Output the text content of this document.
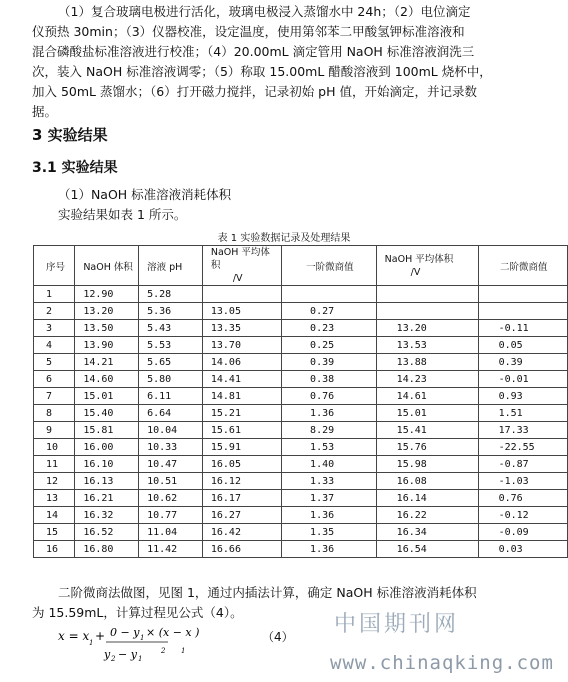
（1）复合玻璃电极进行活化，玻璃电极浸入蒸馏水中 24h；（2）电位滴定
仪预热 30min；（3）仪器校准，设定温度，使用第邻苯二甲酸氢钾标准溶液和
混合磷酸盐标准溶液进行校准；（4）20.00mL 滴定管用 NaOH 标准溶液润洗三
次，装入 NaOH 标准溶液调零；（5）称取 15.00mL 醋酸溶液到 100mL 烧杯中，
加入 50mL 蒸馏水；（6）打开磁力搅拌，记录初始 pH 值，开始滴定，并记录数
据。

3 实验结果
3.1 实验结果

（1）NaOH 标准溶液消耗体积

实验结果如表 1 所示。

表 1 实验数据记录及处理结果

序号	NaOH 体积	溶液 pH	NaOH 平均体积
/V	一阶微商值	NaOH 平均体积
/V	二阶微商值
1	12.90	5.28				
2	13.20	5.36	13.05	0.27		
3	13.50	5.43	13.35	0.23	13.20	-0.11
4	13.90	5.53	13.70	0.25	13.53	0.05
5	14.21	5.65	14.06	0.39	13.88	0.39
6	14.60	5.80	14.41	0.38	14.23	-0.01
7	15.01	6.11	14.81	0.76	14.61	0.93
8	15.40	6.64	15.21	1.36	15.01	1.51
9	15.81	10.04	15.61	8.29	15.41	17.33
10	16.00	10.33	15.91	1.53	15.76	-22.55
11	16.10	10.47	16.05	1.40	15.98	-0.87
12	16.13	10.51	16.12	1.33	16.08	-1.03
13	16.21	10.62	16.17	1.37	16.14	0.76
14	16.32	10.77	16.27	1.36	16.22	-0.12
15	16.52	11.04	16.42	1.35	16.34	-0.09
16	16.80	11.42	16.66	1.36	16.54	0.03

二阶微商法做图，见图 1，通过内插法计算，确定 NaOH 标准溶液消耗体积
为 15.59mL，计算过程见公式（4）。

x = x 1 + 0 − y 1 × (x − x )
y 2 − y 1
2 1
（4） 中国期刊网
www.chinaqking.com
